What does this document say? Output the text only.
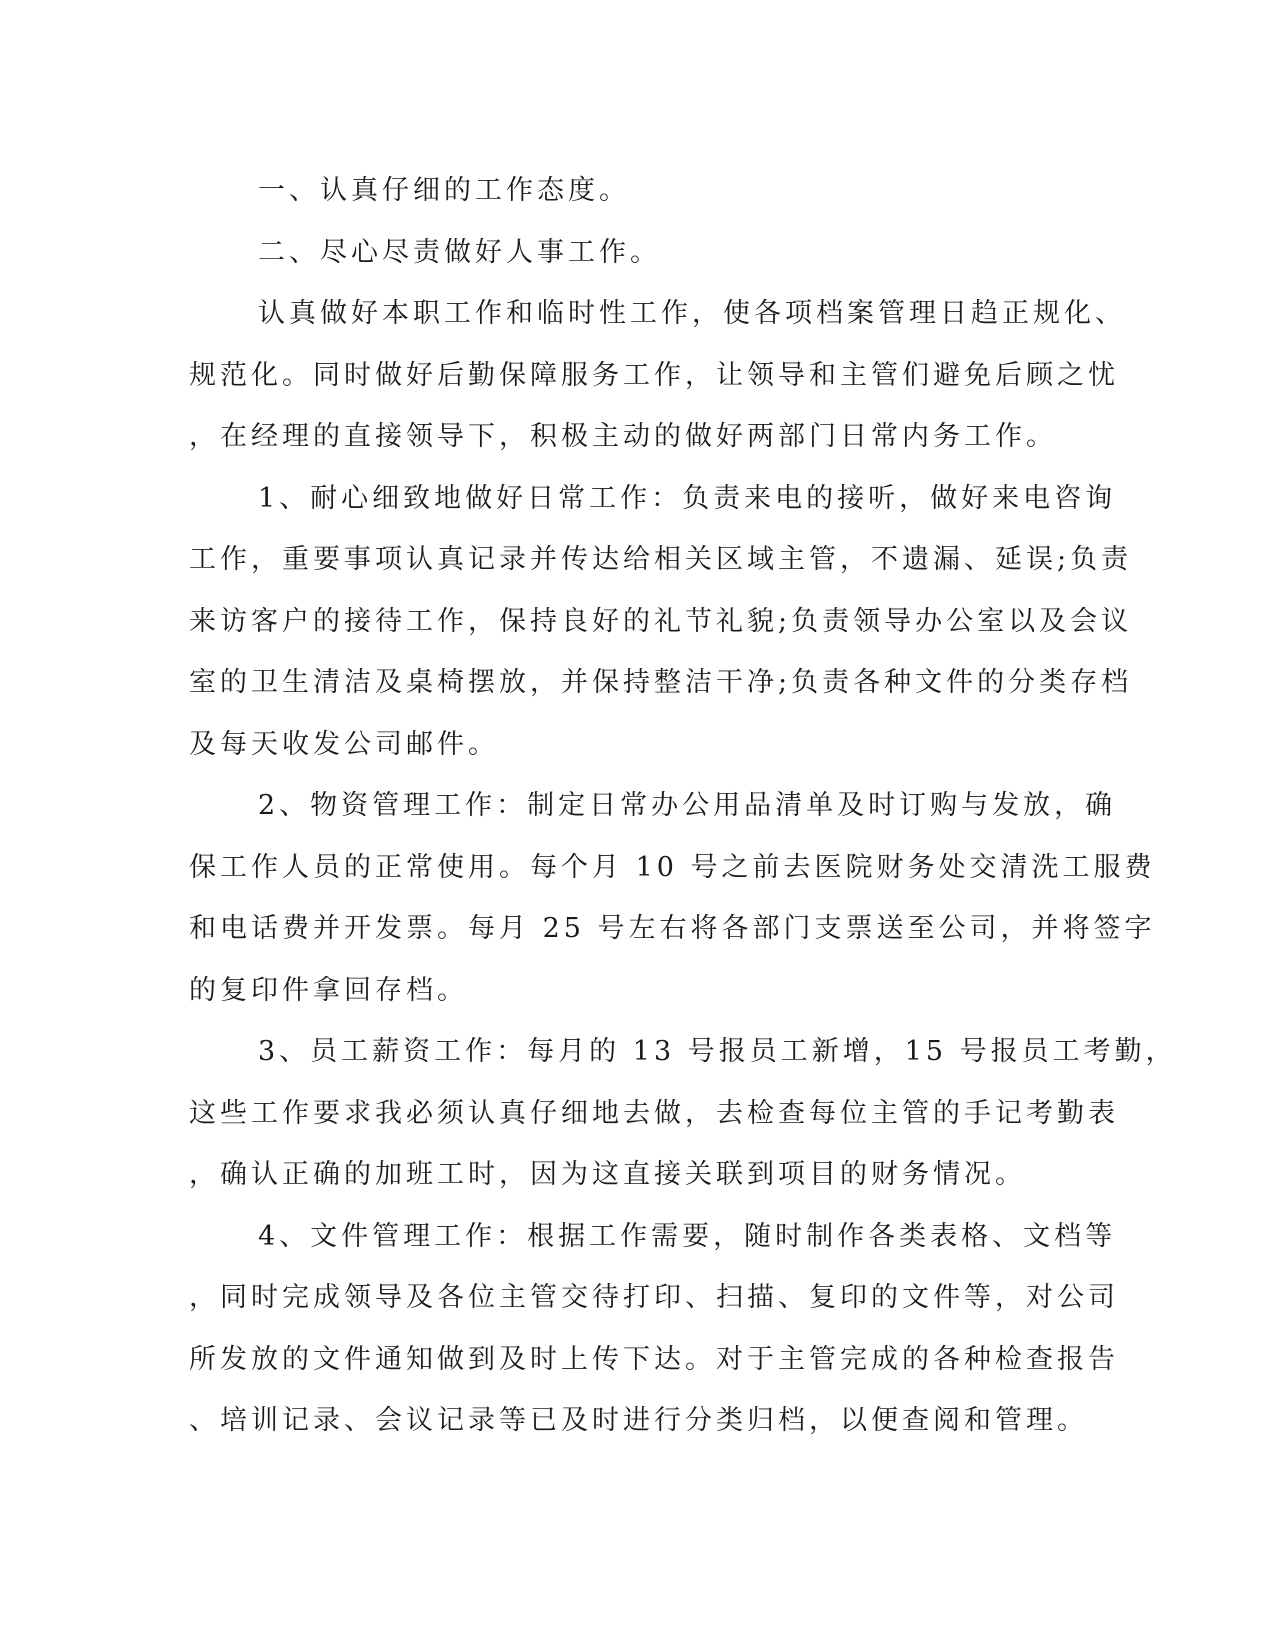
一、认真仔细的工作态度。
二、尽心尽责做好人事工作。
认真做好本职工作和临时性工作，使各项档案管理日趋正规化、
规范化。同时做好后勤保障服务工作，让领导和主管们避免后顾之忧
，在经理的直接领导下，积极主动的做好两部门日常内务工作。
1、耐心细致地做好日常工作：负责来电的接听，做好来电咨询
工作，重要事项认真记录并传达给相关区域主管，不遗漏、延误;负责
来访客户的接待工作，保持良好的礼节礼貌;负责领导办公室以及会议
室的卫生清洁及桌椅摆放，并保持整洁干净;负责各种文件的分类存档
及每天收发公司邮件。
2、物资管理工作：制定日常办公用品清单及时订购与发放，确
保工作人员的正常使用。每个月 10 号之前去医院财务处交清洗工服费
和电话费并开发票。每月 25 号左右将各部门支票送至公司，并将签字
的复印件拿回存档。
3、员工薪资工作：每月的 13 号报员工新增，15 号报员工考勤，
这些工作要求我必须认真仔细地去做，去检查每位主管的手记考勤表
，确认正确的加班工时，因为这直接关联到项目的财务情况。
4、文件管理工作：根据工作需要，随时制作各类表格、文档等
，同时完成领导及各位主管交待打印、扫描、复印的文件等，对公司
所发放的文件通知做到及时上传下达。对于主管完成的各种检查报告
、培训记录、会议记录等已及时进行分类归档，以便查阅和管理。
